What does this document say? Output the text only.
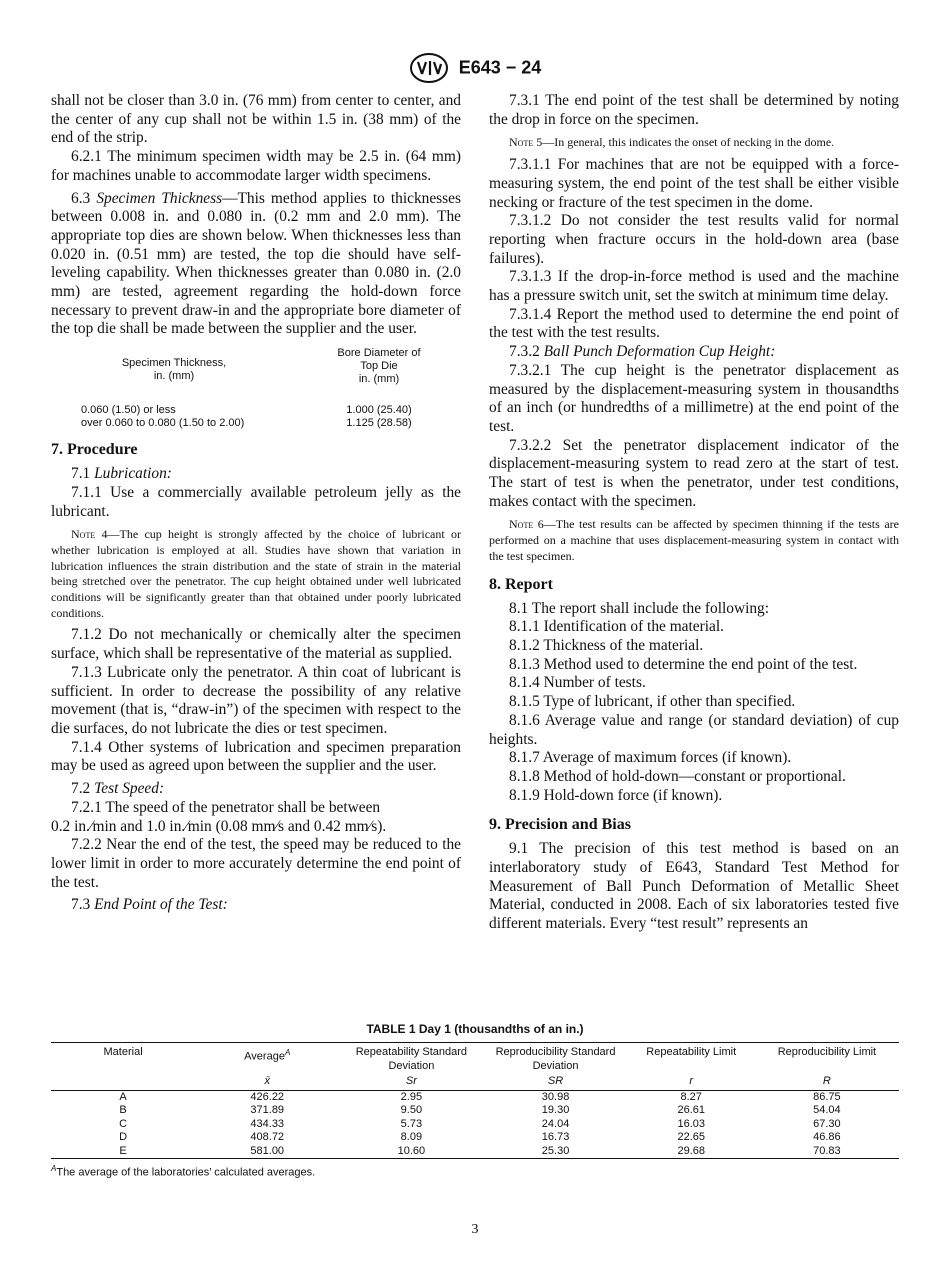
E643 − 24

shall not be closer than 3.0 in. (76 mm) from center to center, and the center of any cup shall not be within 1.5 in. (38 mm) of the end of the strip.

6.2.1 The minimum specimen width may be 2.5 in. (64 mm) for machines unable to accommodate larger width specimens.

6.3 Specimen Thickness—This method applies to thicknesses between 0.008 in. and 0.080 in. (0.2 mm and 2.0 mm). The appropriate top dies are shown below. When thicknesses less than 0.020 in. (0.51 mm) are tested, the top die should have self-leveling capability. When thicknesses greater than 0.080 in. (2.0 mm) are tested, agreement regarding the hold-down force necessary to prevent draw-in and the appropriate bore diameter of the top die shall be made between the supplier and the user.

Specimen Thickness,
in. (mm)	Bore Diameter of
Top Die
in. (mm)
0.060 (1.50) or less	1.000 (25.40)
over 0.060 to 0.080 (1.50 to 2.00)	1.125 (28.58)
7. Procedure

7.1 Lubrication:

7.1.1 Use a commercially available petroleum jelly as the lubricant.

Note 4—The cup height is strongly affected by the choice of lubricant or whether lubrication is employed at all. Studies have shown that variation in lubrication influences the strain distribution and the state of strain in the material being stretched over the penetrator. The cup height obtained under well lubricated conditions will be significantly greater than that obtained under poorly lubricated conditions.

7.1.2 Do not mechanically or chemically alter the specimen surface, which shall be representative of the material as supplied.

7.1.3 Lubricate only the penetrator. A thin coat of lubricant is sufficient. In order to decrease the possibility of any relative movement (that is, “draw-in”) of the specimen with respect to the die surfaces, do not lubricate the dies or test specimen.

7.1.4 Other systems of lubrication and specimen preparation may be used as agreed upon between the supplier and the user.

7.2 Test Speed:

7.2.1 The speed of the penetrator shall be between

0.2 in.⁄min and 1.0 in.⁄min (0.08 mm⁄s and 0.42 mm⁄s).

7.2.2 Near the end of the test, the speed may be reduced to the lower limit in order to more accurately determine the end point of the test.

7.3 End Point of the Test:

7.3.1 The end point of the test shall be determined by noting the drop in force on the specimen.

Note 5—In general, this indicates the onset of necking in the dome.

7.3.1.1 For machines that are not be equipped with a force-measuring system, the end point of the test shall be either visible necking or fracture of the test specimen in the dome.

7.3.1.2 Do not consider the test results valid for normal reporting when fracture occurs in the hold-down area (base failures).

7.3.1.3 If the drop-in-force method is used and the machine has a pressure switch unit, set the switch at minimum time delay.

7.3.1.4 Report the method used to determine the end point of the test with the test results.

7.3.2 Ball Punch Deformation Cup Height:

7.3.2.1 The cup height is the penetrator displacement as measured by the displacement-measuring system in thousandths of an inch (or hundredths of a millimetre) at the end point of the test.

7.3.2.2 Set the penetrator displacement indicator of the displacement-measuring system to read zero at the start of test. The start of test is when the penetrator, under test conditions, makes contact with the specimen.

Note 6—The test results can be affected by specimen thinning if the tests are performed on a machine that uses displacement-measuring system in contact with the test specimen.
8. Report

8.1 The report shall include the following:

8.1.1 Identification of the material.

8.1.2 Thickness of the material.

8.1.3 Method used to determine the end point of the test.

8.1.4 Number of tests.

8.1.5 Type of lubricant, if other than specified.

8.1.6 Average value and range (or standard deviation) of cup heights.

8.1.7 Average of maximum forces (if known).

8.1.8 Method of hold-down—constant or proportional.

8.1.9 Hold-down force (if known).

9. Precision and Bias

9.1 The precision of this test method is based on an interlaboratory study of E643, Standard Test Method for Measurement of Ball Punch Deformation of Metallic Sheet Material, conducted in 2008. Each of six laboratories tested five different materials. Every “test result” represents an

TABLE 1 Day 1 (thousandths of an in.)
Material	Average$^A$	Repeatability Standard Deviation	Reproducibility Standard Deviation	Repeatability Limit	Reproducibility Limit
	x̄	Sr	SR	r	R
A	426.22	2.95	30.98	8.27	86.75
B	371.89	9.50	19.30	26.61	54.04
C	434.33	5.73	24.04	16.03	67.30
D	408.72	8.09	16.73	22.65	46.86
E	581.00	10.60	25.30	29.68	70.83
$^A$The average of the laboratories’ calculated averages.
3
